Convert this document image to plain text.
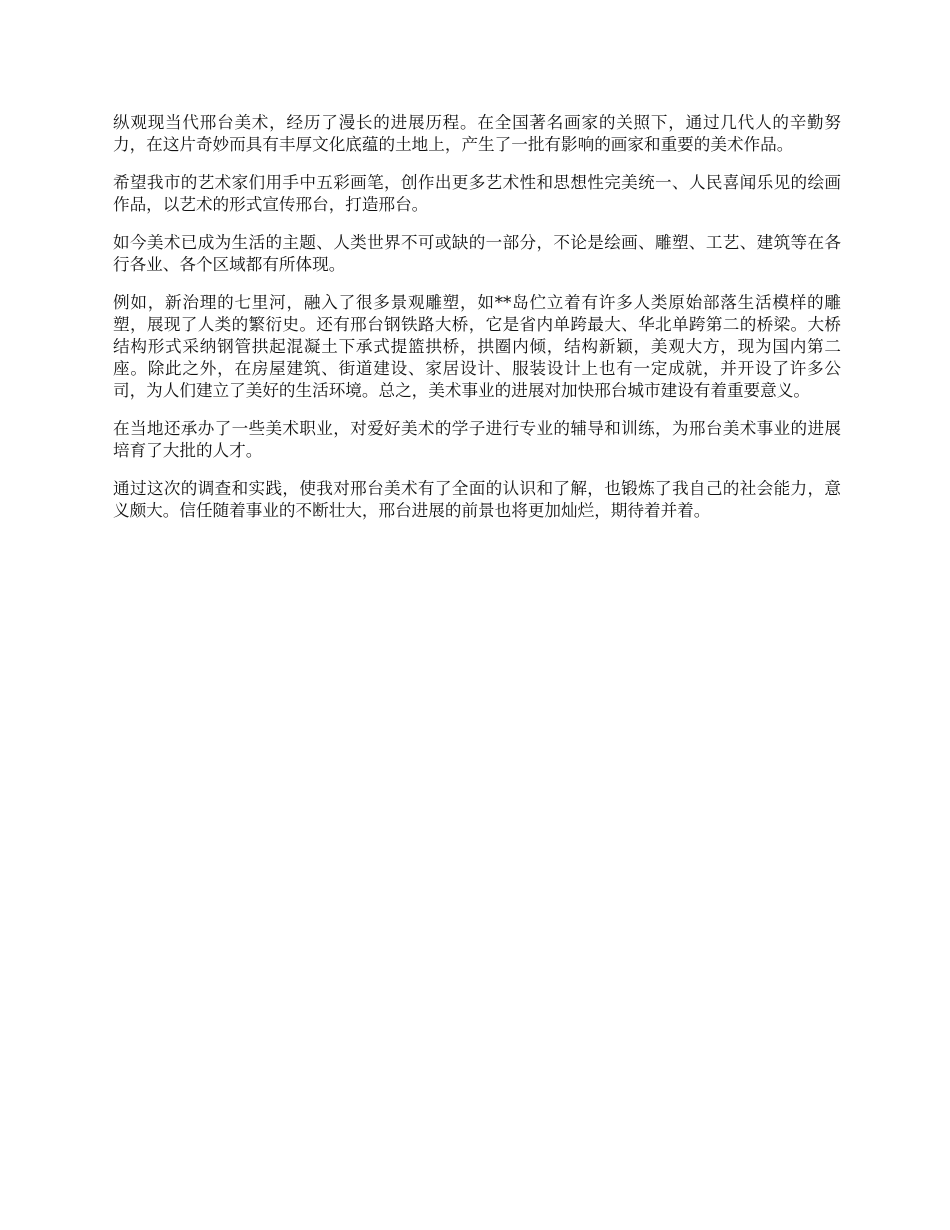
纵观现当代邢台美术，经历了漫长的进展历程。在全国著名画家的关照下，通过几代人的辛勤努力，在这片奇妙而具有丰厚文化底蕴的土地上，产生了一批有影响的画家和重要的美术作品。

希望我市的艺术家们用手中五彩画笔，创作出更多艺术性和思想性完美统一、人民喜闻乐见的绘画作品，以艺术的形式宣传邢台，打造邢台。

如今美术已成为生活的主题、人类世界不可或缺的一部分，不论是绘画、雕塑、工艺、建筑等在各行各业、各个区域都有所体现。

例如，新治理的七里河，融入了很多景观雕塑，如**岛伫立着有许多人类原始部落生活模样的雕塑，展现了人类的繁衍史。还有邢台钢铁路大桥，它是省内单跨最大、华北单跨第二的桥梁。大桥结构形式采纳钢管拱起混凝土下承式提篮拱桥，拱圈内倾，结构新颖，美观大方，现为国内第二座。除此之外，在房屋建筑、街道建设、家居设计、服装设计上也有一定成就，并开设了许多公司，为人们建立了美好的生活环境。总之，美术事业的进展对加快邢台城市建设有着重要意义。

在当地还承办了一些美术职业，对爱好美术的学子进行专业的辅导和训练，为邢台美术事业的进展培育了大批的人才。

通过这次的调查和实践，使我对邢台美术有了全面的认识和了解，也锻炼了我自己的社会能力，意义颇大。信任随着事业的不断壮大，邢台进展的前景也将更加灿烂，期待着并着。
